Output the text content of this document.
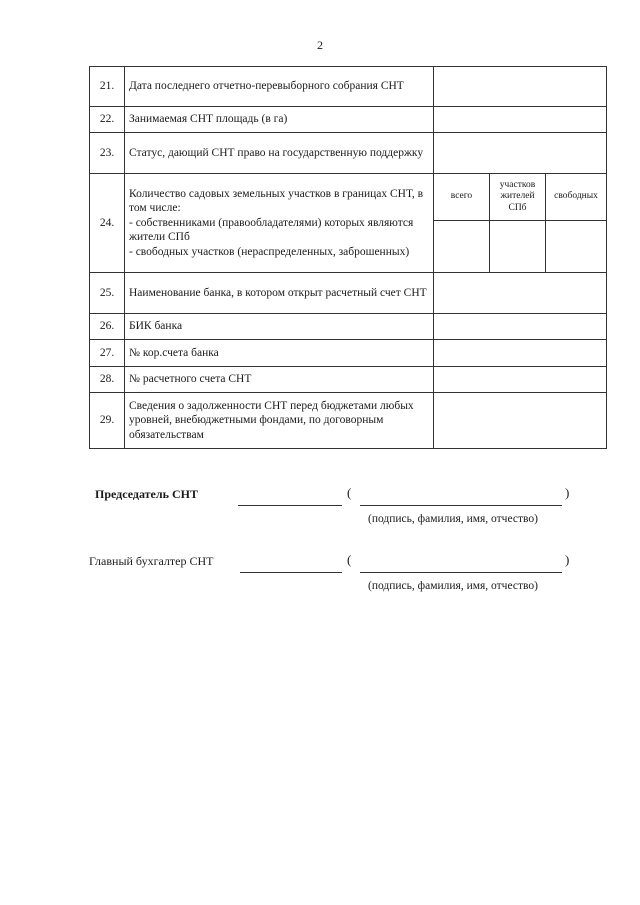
2
21.	Дата последнего отчетно-перевыборного собрания СНТ			
22.	Занимаемая СНТ площадь (в га)			
23.	Статус, дающий СНТ право на государственную поддержку			
24.	Количество садовых земельных участков в границах СНТ, в том числе:
- собственниками (правообладателями) которых являются жители СПб
- свободных участков (нераспределенных, заброшенных)	всего	участков жителей СПб	свободных

25.	Наименование банка, в котором открыт расчетный счет СНТ			
26.	БИК банка			
27.	№ кор.счета банка			
28.	№ расчетного счета СНТ			
29.	Сведения о задолженности СНТ перед бюджетами любых уровней, внебюджетными фондами, по договорным обязательствам			
Председатель СНТ	(	)
(подпись, фамилия, имя, отчество)
Главный бухгалтер СНТ	(	)
(подпись, фамилия, имя, отчество)
